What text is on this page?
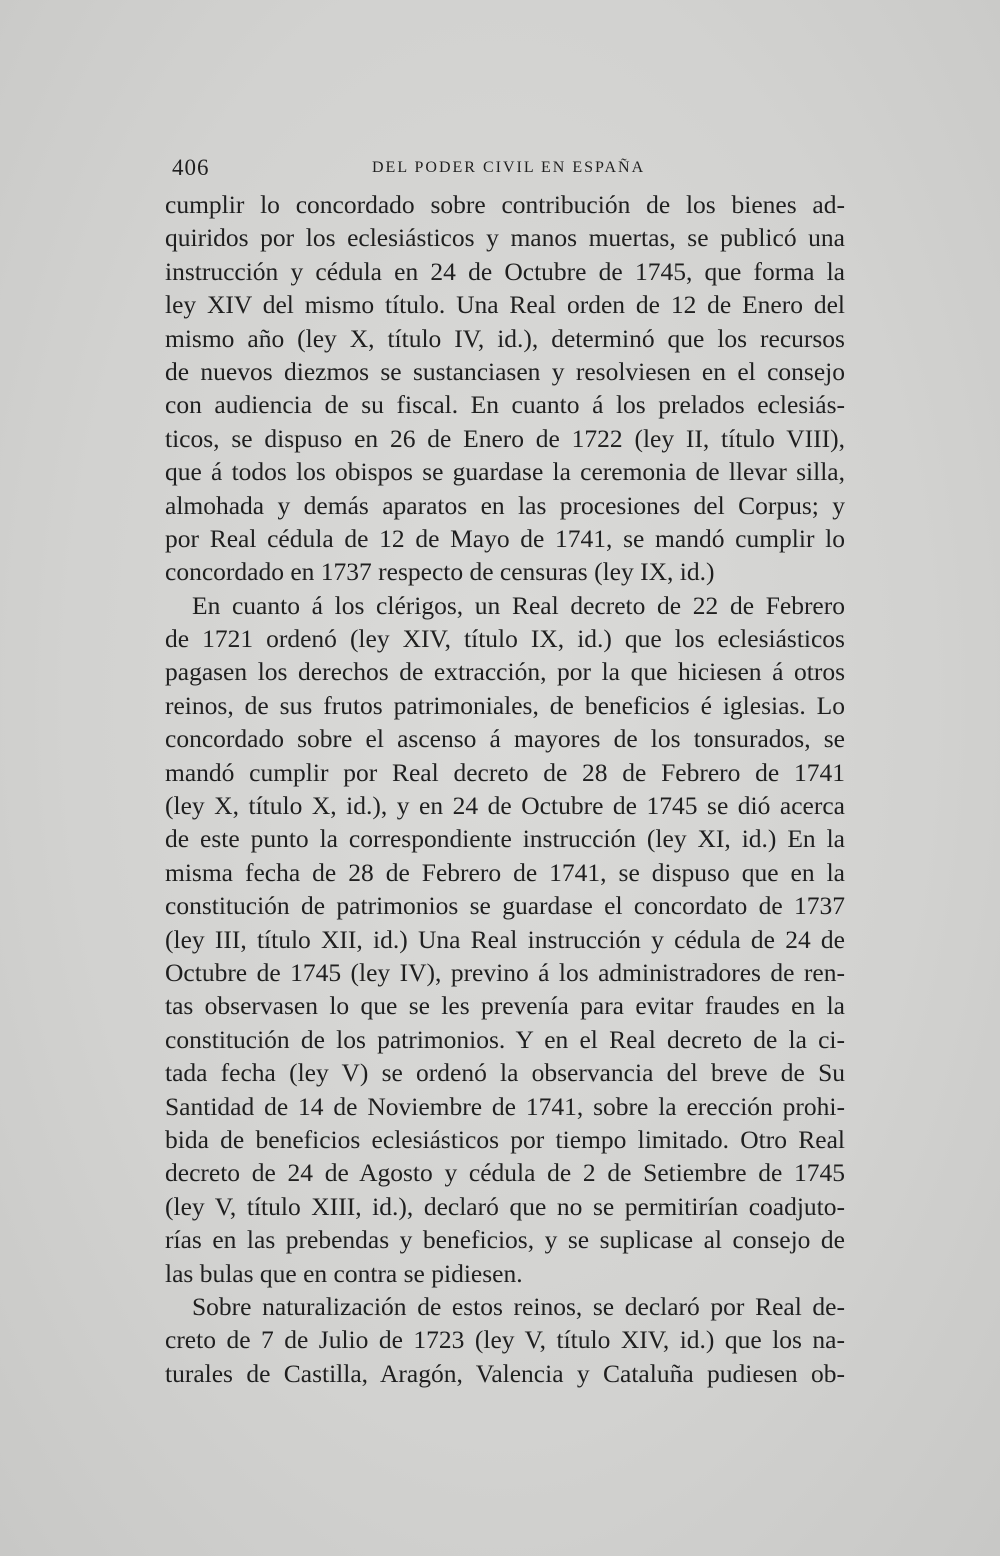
406	DEL PODER CIVIL EN ESPAÑA
cumplir lo concordado sobre contribución de los bienes ad-
quiridos por los eclesiásticos y manos muertas, se publicó una
instrucción y cédula en 24 de Octubre de 1745, que forma la
ley XIV del mismo título. Una Real orden de 12 de Enero del
mismo año (ley X, título IV, id.), determinó que los recursos
de nuevos diezmos se sustanciasen y resolviesen en el consejo
con audiencia de su fiscal. En cuanto á los prelados eclesiás-
ticos, se dispuso en 26 de Enero de 1722 (ley II, título VIII),
que á todos los obispos se guardase la ceremonia de llevar silla,
almohada y demás aparatos en las procesiones del Corpus; y
por Real cédula de 12 de Mayo de 1741, se mandó cumplir lo
concordado en 1737 respecto de censuras (ley IX, id.)
En cuanto á los clérigos, un Real decreto de 22 de Febrero
de 1721 ordenó (ley XIV, título IX, id.) que los eclesiásticos
pagasen los derechos de extracción, por la que hiciesen á otros
reinos, de sus frutos patrimoniales, de beneficios é iglesias. Lo
concordado sobre el ascenso á mayores de los tonsurados, se
mandó cumplir por Real decreto de 28 de Febrero de 1741
(ley X, título X, id.), y en 24 de Octubre de 1745 se dió acerca
de este punto la correspondiente instrucción (ley XI, id.) En la
misma fecha de 28 de Febrero de 1741, se dispuso que en la
constitución de patrimonios se guardase el concordato de 1737
(ley III, título XII, id.) Una Real instrucción y cédula de 24 de
Octubre de 1745 (ley IV), previno á los administradores de ren-
tas observasen lo que se les prevenía para evitar fraudes en la
constitución de los patrimonios. Y en el Real decreto de la ci-
tada fecha (ley V) se ordenó la observancia del breve de Su
Santidad de 14 de Noviembre de 1741, sobre la erección prohi-
bida de beneficios eclesiásticos por tiempo limitado. Otro Real
decreto de 24 de Agosto y cédula de 2 de Setiembre de 1745
(ley V, título XIII, id.), declaró que no se permitirían coadjuto-
rías en las prebendas y beneficios, y se suplicase al consejo de
las bulas que en contra se pidiesen.
Sobre naturalización de estos reinos, se declaró por Real de-
creto de 7 de Julio de 1723 (ley V, título XIV, id.) que los na-
turales de Castilla, Aragón, Valencia y Cataluña pudiesen ob-
